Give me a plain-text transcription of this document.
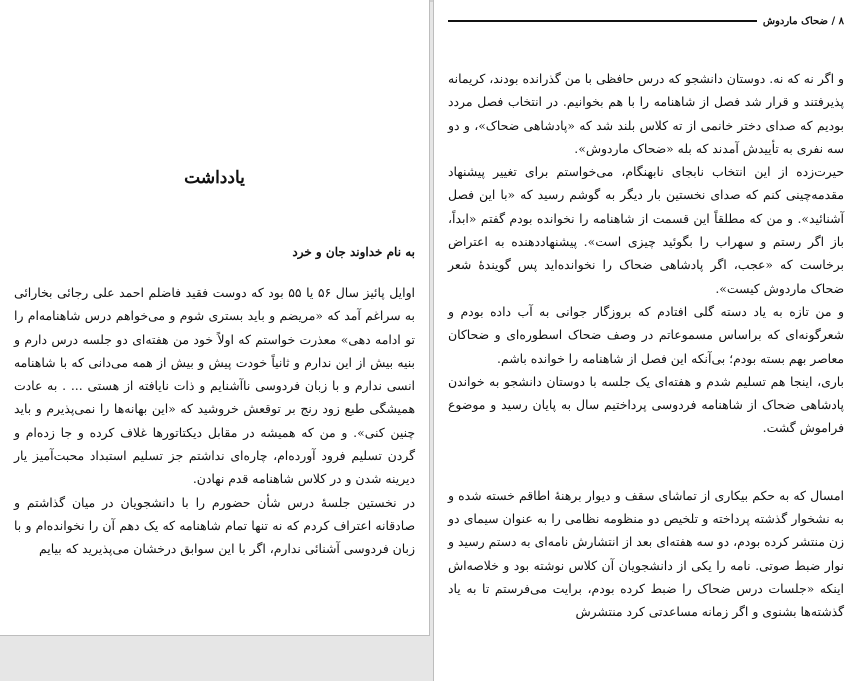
یادداشت
به نام خداوند جان و خرد

اوایل پائیز سال ۵۶ یا ۵۵ بود که دوست فقید فاضلم احمد علی رجائی بخارائی به سراغم آمد که «مریضم و باید بستری شوم و می‌خواهم درس شاهنامه‌ام را تو ادامه دهی» معذرت خواستم که اولاً خود من هفته‌ای دو جلسه درس دارم و بنیه بیش از این ندارم و ثانیاً خودت پیش و بیش از همه می‌دانی که با شاهنامه انسی ندارم و با زبان فردوسی ناآشنایم و ذات نایافته از هستی ... . به عادت همیشگی طبع زود رنج بر توقعش خروشید که «این بهانه‌ها را نمی‌پذیرم و باید چنین کنی». و من که همیشه در مقابل دیکتاتورها غلاف کرده و جا زده‌ام و گردن تسلیم فرود آورده‌ام، چاره‌ای نداشتم جز تسلیم استبداد محبت‌آمیز یار دیرینه شدن و در کلاس شاهنامه قدم نهادن.

در نخستین جلسهٔ درس شأن حضورم را با دانشجویان در میان گذاشتم و صادقانه اعتراف کردم که نه تنها تمام شاهنامه که یک دهم آن را نخوانده‌ام و با زبان فردوسی آشنائی ندارم، اگر با این سوابق درخشان می‌پذیرید که بیایم

۸ / ضحاک ماردوش

و اگر نه که نه. دوستان دانشجو که درس حافظی با من گذرانده بودند، کریمانه پذیرفتند و قرار شد فصل از شاهنامه را با هم بخوانیم. در انتخاب فصل مردد بودیم که صدای دختر خانمی از ته کلاس بلند شد که «پادشاهی ضحاک»، و دو سه نفری به تأییدش آمدند که بله «ضحاک ماردوش».

حیرت‌زده از این انتخاب نابجای نابهنگام، می‌خواستم برای تغییر پیشنهاد مقدمه‌چینی کنم که صدای نخستین بار دیگر به گوشم رسید که «با این فصل آشنائید». و من که مطلقاً این قسمت از شاهنامه را نخوانده بودم گفتم «ابداً، باز اگر رستم و سهراب را بگوئید چیزی است». پیشنهاددهنده به اعتراض برخاست که «عجب، اگر پادشاهی ضحاک را نخوانده‌اید پس گویندهٔ شعر ضحاک ماردوش کیست».

و من تازه به یاد دسته گلی افتادم که بروزگار جوانی به آب داده بودم و شعرگونه‌ای که براساس مسموعاتم در وصف ضحاک اسطوره‌ای و ضحاکان معاصر بهم بسته بودم؛ بی‌آنکه این فصل از شاهنامه را خوانده باشم.

باری، اینجا هم تسلیم شدم و هفته‌ای یک جلسه با دوستان دانشجو به خواندن پادشاهی ضحاک از شاهنامه فردوسی پرداختیم سال به پایان رسید و موضوع فراموش گشت.

امسال که به حکم بیکاری از تماشای سقف و دیوار برهنهٔ اطاقم خسته شده و به نشخوار گذشته پرداخته و تلخیص دو منظومه نظامی را به عنوان سیمای دو زن منتشر کرده بودم، دو سه هفته‌ای بعد از انتشارش نامه‌ای به دستم رسید و نوار ضبط صوتی. نامه را یکی از دانشجویان آن کلاس نوشته بود و خلاصه‌اش اینکه «جلسات درس ضحاک را ضبط کرده بودم، برایت می‌فرستم تا به یاد گذشته‌ها بشنوی و اگر زمانه مساعدتی کرد منتشرش
